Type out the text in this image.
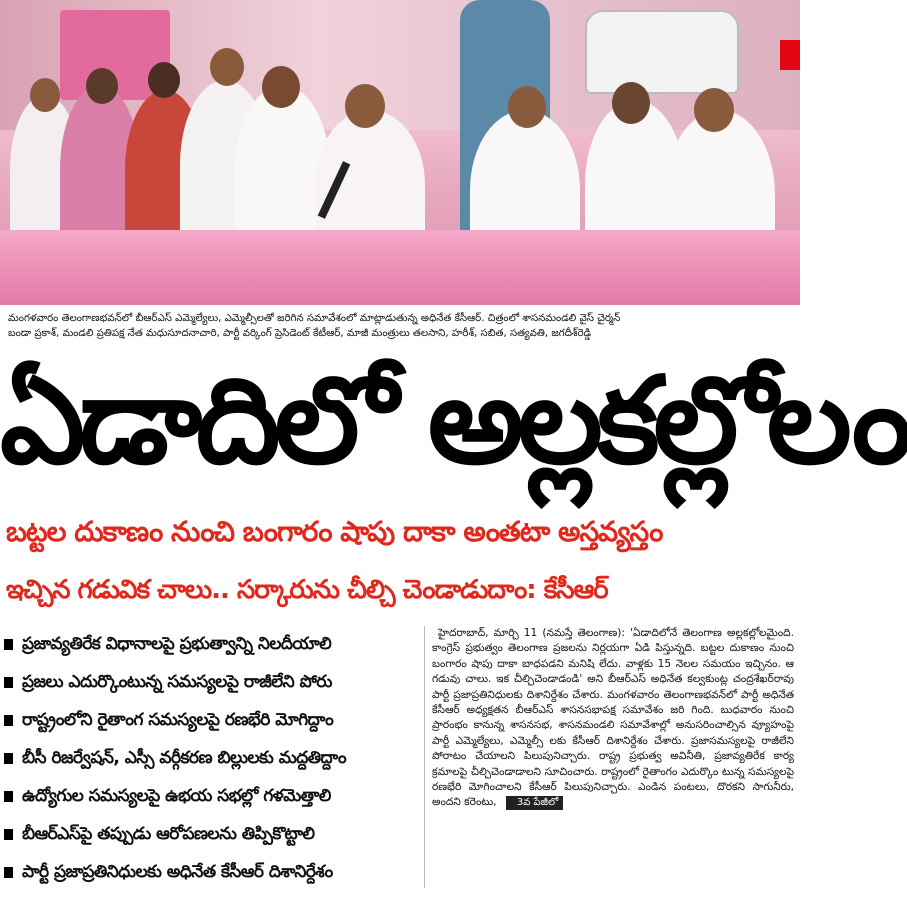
మంగళవారం తెలంగాణభవన్‌లో బీఆర్‌ఎస్ ఎమ్మెల్యేలు, ఎమ్మెల్సీలతో జరిగిన సమావేశంలో మాట్లాడుతున్న అధినేత కేసీఆర్. చిత్రంలో శాసనమండలి వైస్ చైర్మన్
బండా ప్రకాశ్, మండలి ప్రతిపక్ష నేత మధుసూదనాచారి, పార్టీ వర్కింగ్ ప్రెసిడెంట్ కేటీఆర్, మాజీ మంత్రులు తలసాని, హరీశ్, సబిత, సత్యవతి, జగదీశ్‌రెడ్డి
ఏడాదిలో అల్లకల్లోలం
బట్టల దుకాణం నుంచి బంగారం షాపు దాకా అంతటా అస్తవ్యస్తం
ఇచ్చిన గడువిక చాలు.. సర్కారును చీల్చి చెండాడుదాం: కేసీఆర్
ప్రజావ్యతిరేక విధానాలపై ప్రభుత్వాన్ని నిలదీయాలి
ప్రజలు ఎదుర్కొంటున్న సమస్యలపై రాజీలేని పోరు
రాష్ట్రంలోని రైతాంగ సమస్యలపై రణభేరి మోగిద్దాం
బీసీ రిజర్వేషన్, ఎస్సీ వర్గీకరణ బిల్లులకు మద్దతిద్దాం
ఉద్యోగుల సమస్యలపై ఉభయ సభల్లో గళమెత్తాలి
బీఆర్‌ఎస్‌పై తప్పుడు ఆరోపణలను తిప్పికొట్టాలి
పార్టీ ప్రజాప్రతినిధులకు అధినేత కేసీఆర్ దిశానిర్దేశం
హైదరాబాద్, మార్చి 11 (నమస్తే తెలంగాణ): 'ఏడాదిలోనే తెలంగాణ అల్లకల్లోలమైంది. కాంగ్రెస్ ప్రభుత్వం తెలంగాణ ప్రజలను నిర్లయగా ఏడి పిస్తున్నది. బట్టల దుకాణం నుంచి బంగారం షాపు దాకా బాధపడని మనిషి లేదు. వాళ్లకు 15 నెలల సమయం ఇచ్చినం. ఆ గడువు చాలు. ఇక చీల్చిచెండాడండి' అని బీఆర్‌ఎస్ అధినేత కల్వకుంట్ల చంద్రశేఖర్‌రావు పార్టీ ప్రజాప్రతినిధులకు దిశానిర్దేశం చేశారు. మంగళవారం తెలంగాణభవన్‌లో పార్టీ అధినేత కేసీఆర్ అధ్యక్షతన బీఆర్‌ఎస్ శాసనసభాపక్ష సమావేశం జరి గింది. బుధవారం నుంచి ప్రారంభం కానున్న శాసనసభ, శాసనమండలి సమావేశాల్లో అనుసరించాల్సిన వ్యూహంపై పార్టీ ఎమ్మెల్యేలు, ఎమ్మెల్సీ లకు కేసీఆర్ దిశానిర్దేశం చేశారు. ప్రజాసమస్యలపై రాజీలేని పోరాటం చేయాలని పిలుపునిచ్చారు. రాష్ట్ర ప్రభుత్వ అవినీతి, ప్రజావ్యతిరేక కార్య క్రమాలపై చీల్చిచెండాడాలని సూచించారు. రాష్ట్రంలో రైతాంగం ఎదుర్కొం టున్న సమస్యలపై రణభేరి మోగించాలని కేసీఆర్ పిలుపునిచ్చారు. ఎండిన పంటలు, దొరకని సాగునీరు, అందని కరెంటు, 3వ పేజీలో
